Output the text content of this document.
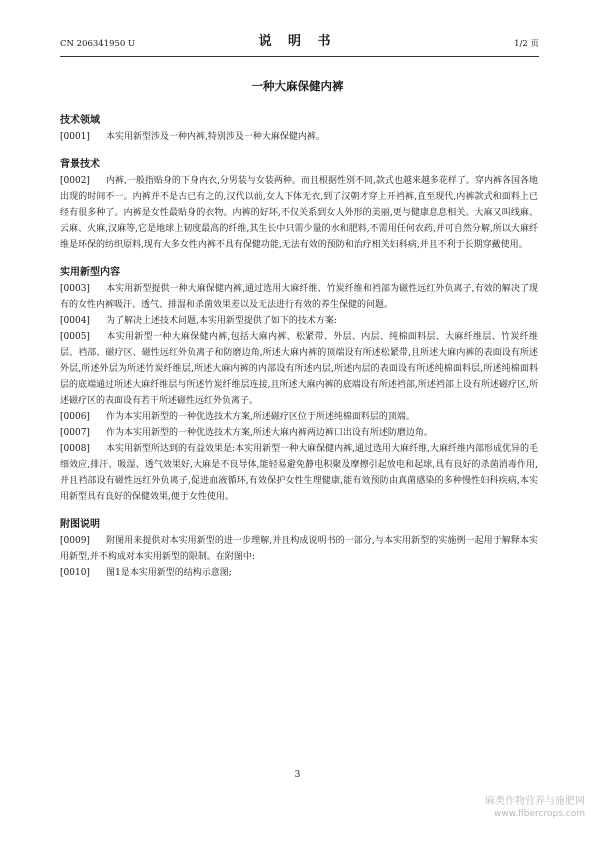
CN 206341950 U	说 明 书	1/2 页
一种大麻保健内裤
技术领域

[0001] 本实用新型涉及一种内裤,特别涉及一种大麻保健内裤。

背景技术

[0002] 内裤,一般指贴身的下身内衣,分男装与女装两种。而且根据性别不同,款式也越来越多花样了。穿内裤各国各地出现的时间不一。内裤并不是古已有之的,汉代以前,女人下体无衣,到了汉朝才穿上开裆裤,直至现代,内裤款式和面料上已经有很多种了。内裤是女性最贴身的衣物。内裤的好坏,不仅关系到女人外形的美丽,更与健康息息相关。大麻又叫线麻、云麻、火麻,汉麻等,它是地球上韧度最高的纤维,其生长中只需少量的水和肥料,不需用任何农药,并可自然分解,所以大麻纤维是环保的纺织原料,现有大多女性内裤不具有保健功能,无法有效的预防和治疗相关妇科病,并且不利于长期穿戴使用。

实用新型内容

[0003] 本实用新型提供一种大麻保健内裤,通过选用大麻纤维、竹炭纤维和裆部为磁性远红外负离子,有效的解决了现有的女性内裤吸汗、透气、排湿和杀菌效果差以及无法进行有效的养生保健的问题。

[0004] 为了解决上述技术问题,本实用新型提供了如下的技术方案:

[0005] 本实用新型一种大麻保健内裤,包括大麻内裤、松紧带、外层、内层、纯棉面料层、大麻纤维层、竹炭纤维层、裆部、磁疗区、磁性远红外负离子和防磨边角,所述大麻内裤的顶端设有所述松紧带,且所述大麻内裤的表面设有所述外层,所述外层为所述竹炭纤维层,所述大麻内裤的内部设有所述内层,所述内层的表面设有所述纯棉面料层,所述纯棉面料层的底端通过所述大麻纤维层与所述竹炭纤维层连接,且所述大麻内裤的底端设有所述裆部,所述裆部上设有所述磁疗区,所述磁疗区的表面设有若干所述磁性远红外负离子。

[0006] 作为本实用新型的一种优选技术方案,所述磁疗区位于所述纯棉面料层的顶端。

[0007] 作为本实用新型的一种优选技术方案,所述大麻内裤两边裤口出设有所述防磨边角。

[0008] 本实用新型所达到的有益效果是:本实用新型一种大麻保健内裤,通过选用大麻纤维,大麻纤维内部形成优异的毛细效应,排汗、吸湿、透气效果好,大麻是不良导体,能轻易避免静电积聚及摩擦引起放电和起球,具有良好的杀菌消毒作用,并且裆部设有磁性远红外负离子,促进血液循环,有效保护女性生理健康,能有效预防由真菌感染的多种慢性妇科疾病,本实用新型具有良好的保健效果,便于女性使用。

附图说明

[0009] 附图用来提供对本实用新型的进一步理解,并且构成说明书的一部分,与本实用新型的实施例一起用于解释本实用新型,并不构成对本实用新型的限制。在附图中:

[0010] 图1是本实用新型的结构示意图;

3
麻类作物营养与施肥网
www.fibercrops.com
